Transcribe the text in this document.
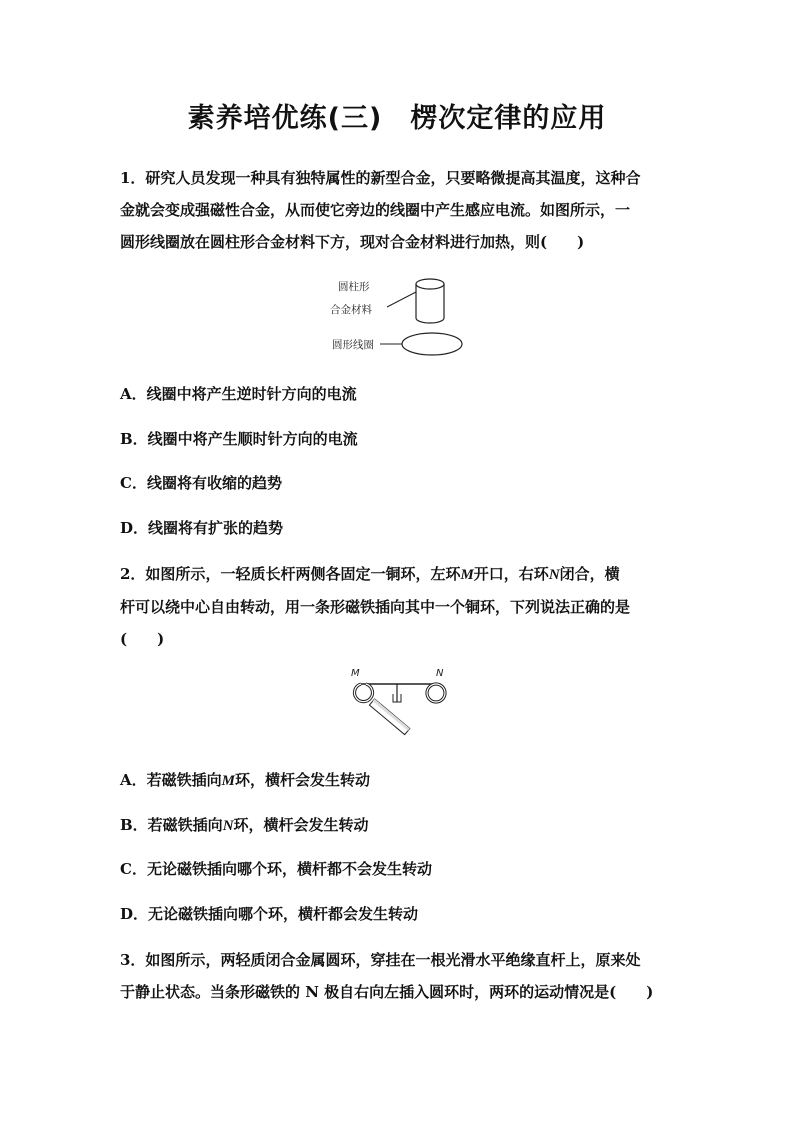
素养培优练(三) 楞次定律的应用
1．研究人员发现一种具有独特属性的新型合金，只要略微提高其温度，这种合
金就会变成强磁性合金，从而使它旁边的线圈中产生感应电流。如图所示，一
圆形线圈放在圆柱形合金材料下方，现对合金材料进行加热，则(　　)
圆柱形
合金材料
圆形线圈
A．线圈中将产生逆时针方向的电流
B．线圈中将产生顺时针方向的电流
C．线圈将有收缩的趋势
D．线圈将有扩张的趋势
2．如图所示，一轻质长杆两侧各固定一铜环，左环M开口，右环N闭合，横
杆可以绕中心自由转动，用一条形磁铁插向其中一个铜环，下列说法正确的是
(　　)
M	N
A．若磁铁插向M环，横杆会发生转动
B．若磁铁插向N环，横杆会发生转动
C．无论磁铁插向哪个环，横杆都不会发生转动
D．无论磁铁插向哪个环，横杆都会发生转动
3．如图所示，两轻质闭合金属圆环，穿挂在一根光滑水平绝缘直杆上，原来处
于静止状态。当条形磁铁的 N 极自右向左插入圆环时，两环的运动情况是(　　)
